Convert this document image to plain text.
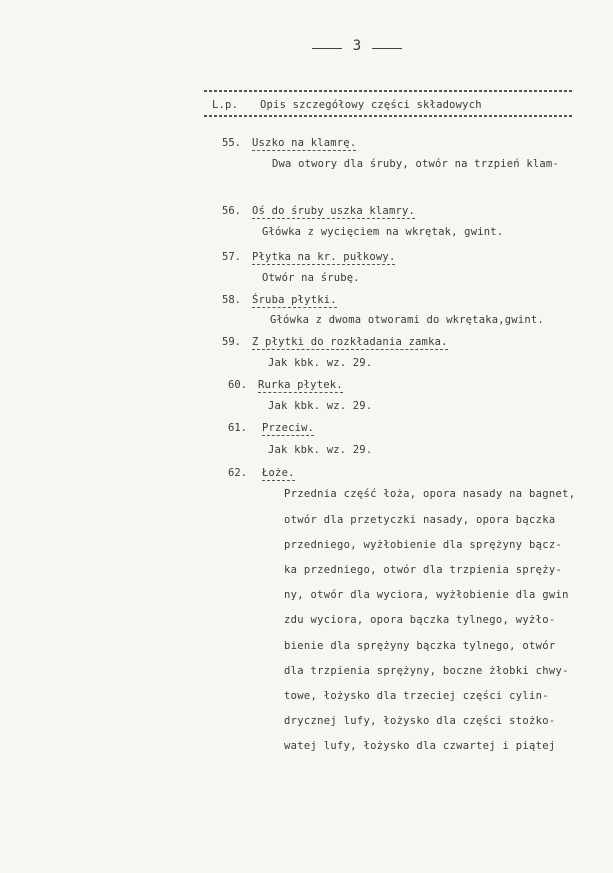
3
L.p. Opis szczegółowy części składowych
55. Uszko na klamrę.
Dwa otwory dla śruby, otwór na trzpień klam-
56. Oś do śruby uszka klamry.
Główka z wycięciem na wkrętak, gwint.
57. Płytka na kr. pułkowy.
Otwór na śrubę.
58. Śruba płytki.
Główka z dwoma otworami do wkrętaka,gwint.
59. Z płytki do rozkładania zamka.
Jak kbk. wz. 29.
60. Rurka płytek.
Jak kbk. wz. 29.
61. Przeciw.
Jak kbk. wz. 29.
62. Łoże.
Przednia część łoża, opora nasady na bagnet,
otwór dla przetyczki nasady, opora bączka
przedniego, wyżłobienie dla sprężyny bącz-
ka przedniego, otwór dla trzpienia spręży-
ny, otwór dla wyciora, wyżłobienie dla gwin
zdu wyciora, opora bączka tylnego, wyżło-
bienie dla sprężyny bączka tylnego, otwór
dla trzpienia sprężyny, boczne żłobki chwy-
towe, łożysko dla trzeciej części cylin-
drycznej lufy, łożysko dla części stożko-
watej lufy, łożysko dla czwartej i piątej
